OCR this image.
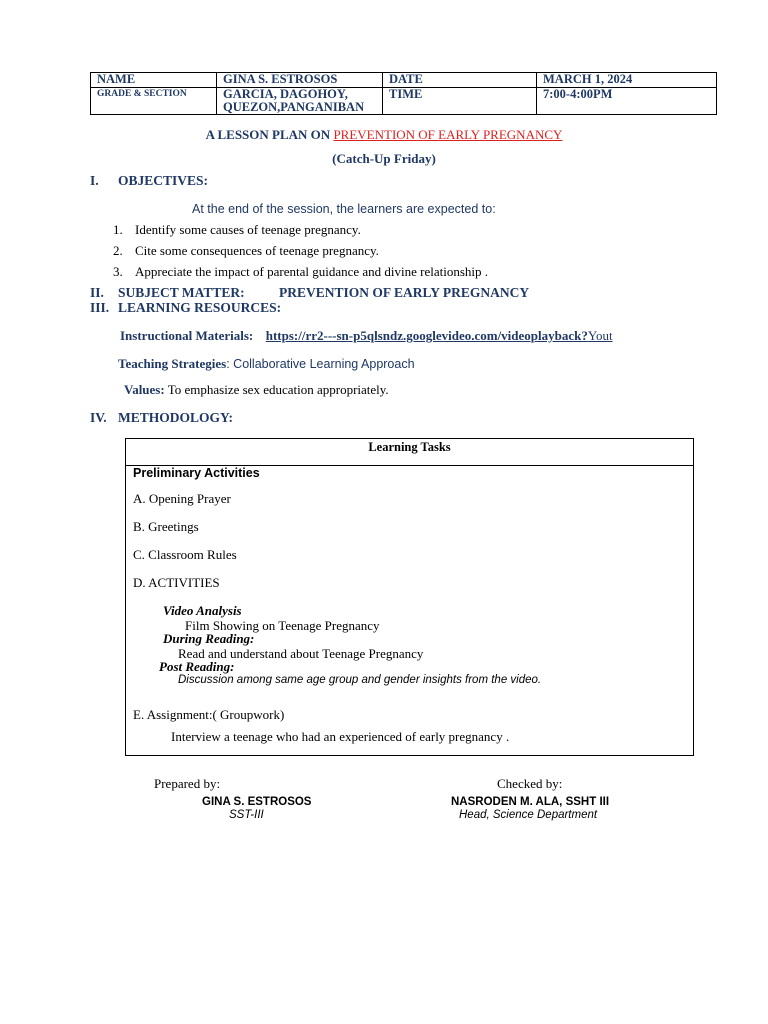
NAME	GINA S. ESTROSOS	DATE	MARCH 1, 2024
GRADE & SECTION	GARCIA, DAGOHOY, QUEZON,PANGANIBAN	TIME	7:00-4:00PM
A LESSON PLAN ON PREVENTION OF EARLY PREGNANCY
(Catch-Up Friday)
I. OBJECTIVES:
At the end of the session, the learners are expected to:
1. Identify some causes of teenage pregnancy.
2. Cite some consequences of teenage pregnancy.
3. Appreciate the impact of parental guidance and divine relationship .
II. SUBJECT MATTER:	PREVENTION OF EARLY PREGNANCY
III. LEARNING RESOURCES:
Instructional Materials: https://rr2---sn-p5qlsndz.googlevideo.com/videoplayback?Yout
Teaching Strategies: Collaborative Learning Approach
Values: To emphasize sex education appropriately.
IV. METHODOLOGY:
Learning Tasks
Preliminary Activities
A. Opening Prayer
B. Greetings
C. Classroom Rules
D. ACTIVITIES
Video Analysis
Film Showing on Teenage Pregnancy
During Reading:
Read and understand about Teenage Pregnancy
Post Reading:
Discussion among same age group and gender insights from the video.
E. Assignment:( Groupwork)
Interview a teenage who had an experienced of early pregnancy .
Prepared by:
GINA S. ESTROSOS
SST-III
Checked by:
NASRODEN M. ALA, SSHT III
Head, Science Department
